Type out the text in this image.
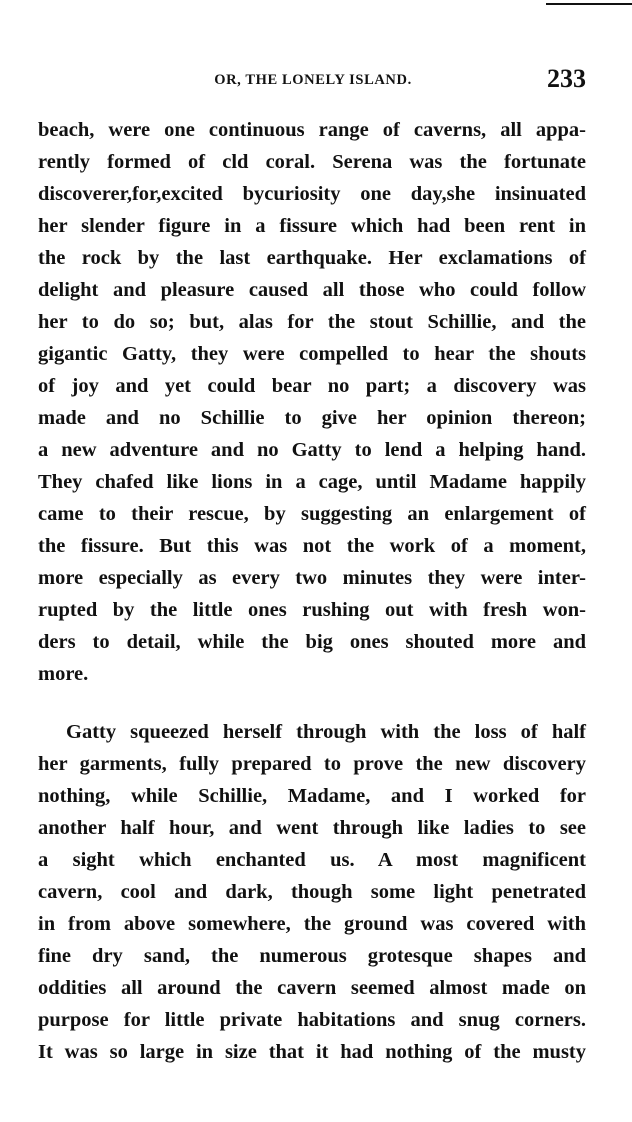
OR, THE LONELY ISLAND.	233
beach, were one continuous range of caverns, all appa-
rently formed of cld coral. Serena was the fortunate
discoverer,for,excited bycuriosity one day,she insinuated
her slender figure in a fissure which had been rent in
the rock by the last earthquake. Her exclamations of
delight and pleasure caused all those who could follow
her to do so; but, alas for the stout Schillie, and the
gigantic Gatty, they were compelled to hear the shouts
of joy and yet could bear no part; a discovery was
made and no Schillie to give her opinion thereon;
a new adventure and no Gatty to lend a helping hand.
They chafed like lions in a cage, until Madame happily
came to their rescue, by suggesting an enlargement of
the fissure. But this was not the work of a moment,
more especially as every two minutes they were inter-
rupted by the little ones rushing out with fresh won-
ders to detail, while the big ones shouted more and
more.
Gatty squeezed herself through with the loss of half
her garments, fully prepared to prove the new discovery
nothing, while Schillie, Madame, and I worked for
another half hour, and went through like ladies to see
a sight which enchanted us. A most magnificent
cavern, cool and dark, though some light penetrated
in from above somewhere, the ground was covered with
fine dry sand, the numerous grotesque shapes and
oddities all around the cavern seemed almost made on
purpose for little private habitations and snug corners.
It was so large in size that it had nothing of the musty
